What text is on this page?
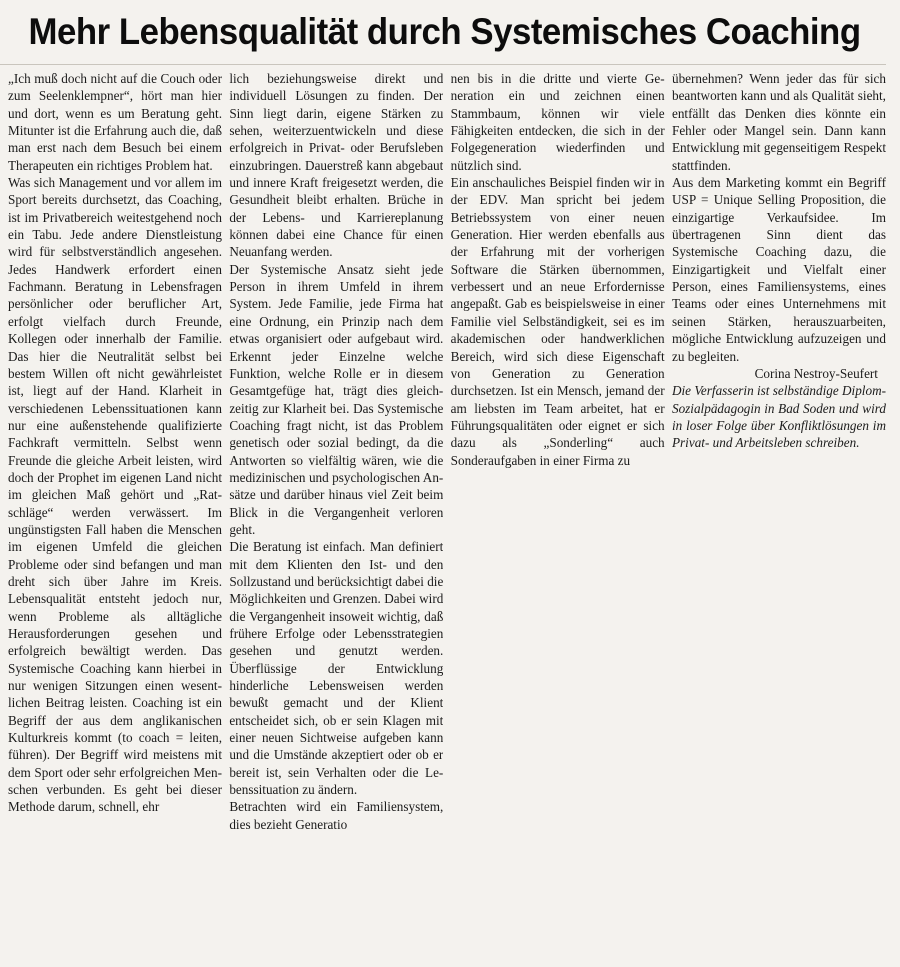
Mehr Lebensqualität durch Systemisches Coaching

„Ich muß doch nicht auf die Couch oder zum Seelenklempner“, hört man hier und dort, wenn es um Beratung geht. Mitunter ist die Erfahrung auch die, daß man erst nach dem Besuch bei einem Therapeuten ein richtiges Problem hat.

Was sich Management und vor allem im Sport bereits durchsetzt, das Coaching, ist im Privatbereich weitestgehend noch ein Tabu. Jede andere Dienstleistung wird für selbstverständlich angesehen. Jedes Handwerk erfordert einen Fachmann. Beratung in Lebensfragen persönlicher oder beruflicher Art, erfolgt vielfach durch Freunde, Kollegen oder innerhalb der Familie. Das hier die Neutralität selbst bei bestem Willen oft nicht gewährleistet ist, liegt auf der Hand. Klarheit in verschiedenen Lebenssituationen kann nur eine außenstehende qualifizierte Fachkraft vermitteln. Selbst wenn Freunde die gleiche Arbeit leisten, wird doch der Prophet im eigenen Land nicht im gleichen Maß gehört und „Ratschläge“ werden verwässert. Im ungünstigsten Fall haben die Menschen im eigenen Umfeld die gleichen Probleme oder sind befangen und man dreht sich über Jahre im Kreis. Lebensqualität entsteht jedoch nur, wenn Probleme als alltägliche Herausforderungen gesehen und erfolgreich bewältigt werden. Das Systemische Coaching kann hierbei in nur wenigen Sitzungen einen wesentlichen Beitrag leisten. Coaching ist ein Begriff der aus dem anglikanischen Kulturkreis kommt (to coach = leiten, führen). Der Begriff wird meistens mit dem Sport oder sehr erfolgreichen Menschen verbunden. Es geht bei dieser Methode darum, schnell, ehr

lich beziehungsweise direkt und individuell Lösungen zu finden. Der Sinn liegt darin, eigene Stärken zu sehen, weiterzuentwickeln und diese erfolgreich in Privat- oder Berufsleben einzubringen. Dauerstreß kann abgebaut und innere Kraft freigesetzt werden, die Gesundheit bleibt erhalten. Brüche in der Lebens- und Karriereplanung können dabei eine Chance für einen Neuanfang werden.

Der Systemische Ansatz sieht jede Person in ihrem Umfeld in ihrem System. Jede Familie, jede Firma hat eine Ordnung, ein Prinzip nach dem etwas organisiert oder aufgebaut wird. Erkennt jeder Einzelne welche Funktion, welche Rolle er in diesem Gesamtgefüge hat, trägt dies gleichzeitig zur Klarheit bei. Das Systemische Coaching fragt nicht, ist das Problem genetisch oder sozial bedingt, da die Antworten so vielfältig wären, wie die medizinischen und psychologischen Ansätze und darüber hinaus viel Zeit beim Blick in die Vergangenheit verloren geht.

Die Beratung ist einfach. Man definiert mit dem Klienten den Ist- und den Sollzustand und berücksichtigt dabei die Möglichkeiten und Grenzen. Dabei wird die Vergangenheit insoweit wichtig, daß frühere Erfolge oder Lebensstrategien gesehen und genutzt werden. Überflüssige der Entwicklung hinderliche Lebensweisen werden bewußt gemacht und der Klient entscheidet sich, ob er sein Klagen mit einer neuen Sichtweise aufgeben kann und die Umstände akzeptiert oder ob er bereit ist, sein Verhalten oder die Lebenssituation zu ändern.

Betrachten wird ein Familiensystem, dies bezieht Generatio

nen bis in die dritte und vierte Generation ein und zeichnen einen Stammbaum, können wir viele Fähigkeiten entdecken, die sich in der Folgegeneration wiederfinden und nützlich sind.

Ein anschauliches Beispiel finden wir in der EDV. Man spricht bei jedem Betriebssystem von einer neuen Generation. Hier werden ebenfalls aus der Erfahrung mit der vorherigen Software die Stärken übernommen, verbessert und an neue Erfordernisse angepaßt. Gab es beispielsweise in einer Familie viel Selbständigkeit, sei es im akademischen oder handwerklichen Bereich, wird sich diese Eigenschaft von Generation zu Generation durchsetzen. Ist ein Mensch, jemand der am liebsten im Team arbeitet, hat er Führungsqualitäten oder eignet er sich dazu als „Sonderling“ auch Sonderaufgaben in einer Firma zu

übernehmen? Wenn jeder das für sich beantworten kann und als Qualität sieht, entfällt das Denken dies könnte ein Fehler oder Mangel sein. Dann kann Entwicklung mit gegenseitigem Respekt stattfinden.

Aus dem Marketing kommt ein Begriff USP = Unique Selling Proposition, die einzigartige Verkaufsidee. Im übertragenen Sinn dient das Systemische Coaching dazu, die Einzigartigkeit und Vielfalt einer Person, eines Familiensystems, eines Teams oder eines Unternehmens mit seinen Stärken, herauszuarbeiten, mögliche Entwicklung aufzuzeigen und zu begleiten.

Corina Nestroy-Seufert

Die Verfasserin ist selbständige Diplom-Sozialpädagogin in Bad Soden und wird in loser Folge über Konfliktlösungen im Privat- und Arbeitsleben schreiben.
